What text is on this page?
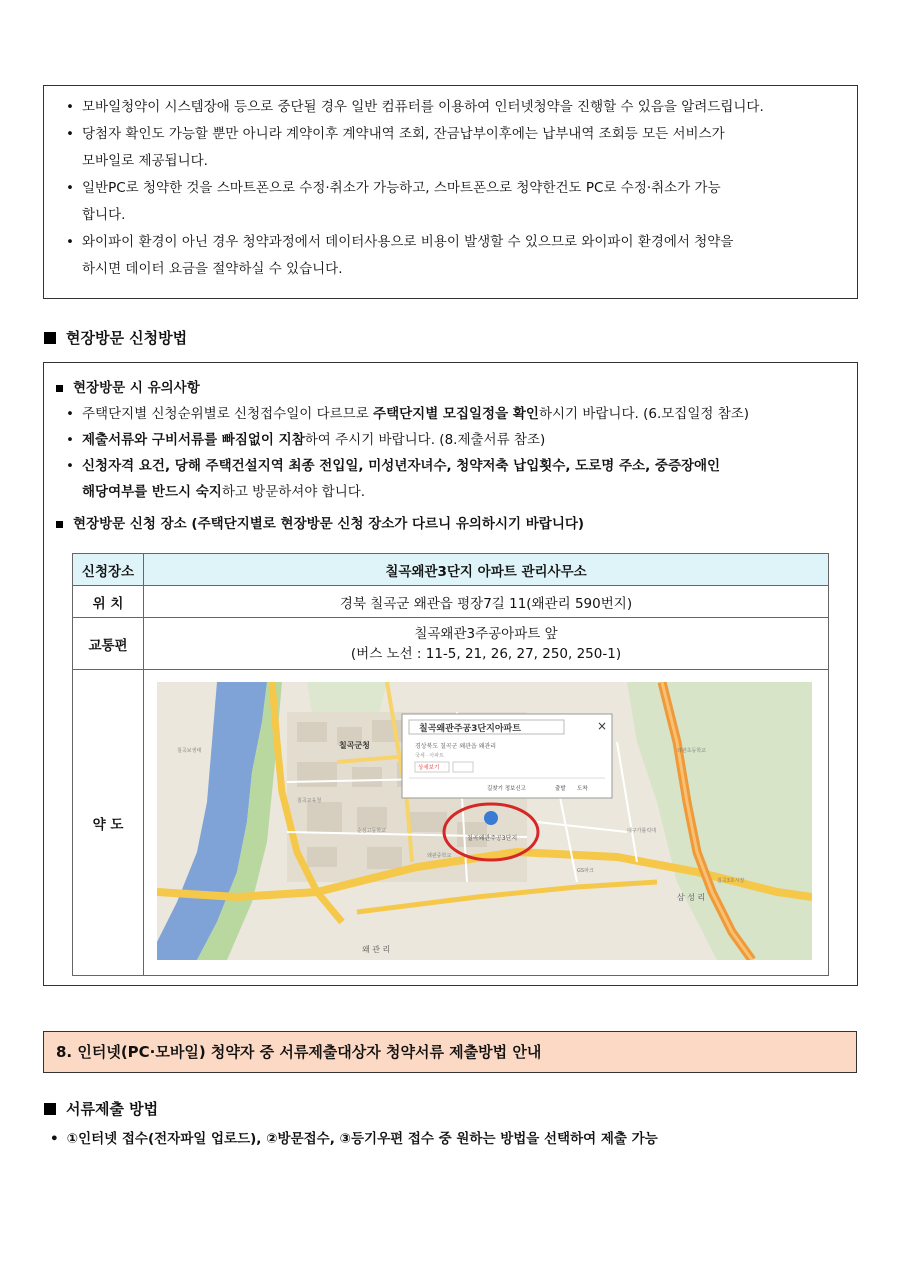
• 모바일청약이 시스템장애 등으로 중단될 경우 일반 컴퓨터를 이용하여 인터넷청약을 진행할 수 있음을 알려드립니다.
• 당첨자 확인도 가능할 뿐만 아니라 계약이후 계약내역 조회, 잔금납부이후에는 납부내역 조회등 모든 서비스가
모바일로 제공됩니다.
• 일반PC로 청약한 것을 스마트폰으로 수정·취소가 가능하고, 스마트폰으로 청약한건도 PC로 수정·취소가 가능
합니다.
• 와이파이 환경이 아닌 경우 청약과정에서 데이터사용으로 비용이 발생할 수 있으므로 와이파이 환경에서 청약을
하시면 데이터 요금을 절약하실 수 있습니다.
현장방문 신청방법
현장방문 시 유의사항
• 주택단지별 신청순위별로 신청접수일이 다르므로 주택단지별 모집일정을 확인하시기 바랍니다. (6.모집일정 참조)
• 제출서류와 구비서류를 빠짐없이 지참하여 주시기 바랍니다. (8.제출서류 참조)
• 신청자격 요건, 당해 주택건설지역 최종 전입일, 미성년자녀수, 청약저축 납입횟수, 도로명 주소, 중증장애인
해당여부를 반드시 숙지하고 방문하셔야 합니다.
현장방문 신청 장소 (주택단지별로 현장방문 신청 장소가 다르니 유의하시기 바랍니다)
신청장소	칠곡왜관3단지 아파트 관리사무소
위 치	경북 칠곡군 왜관읍 평장7길 11(왜관리 590번지)
교통편	칠곡왜관3주공아파트 앞
(버스 노선 : 11-5, 21, 26, 27, 250, 250-1)

약 도	
칠곡왜관주공3단지아파트	×
경상북도 칠곡군 왜관읍 왜관리
국세 · 아파트
상세보기
길찾기 정보신고	출발 도착
칠곡왜관주공3단지
칠곡군청
삼 성 리
왜 관 리
칠곡교육청
순심고등학교
왜관중학교
왜관초등학교
대구가톨릭대
GS파크
칠곡보생태
칠곡3호시장
8. 인터넷(PC·모바일) 청약자 중 서류제출대상자 청약서류 제출방법 안내
서류제출 방법
• ①인터넷 접수(전자파일 업로드), ②방문접수, ③등기우편 접수 중 원하는 방법을 선택하여 제출 가능
